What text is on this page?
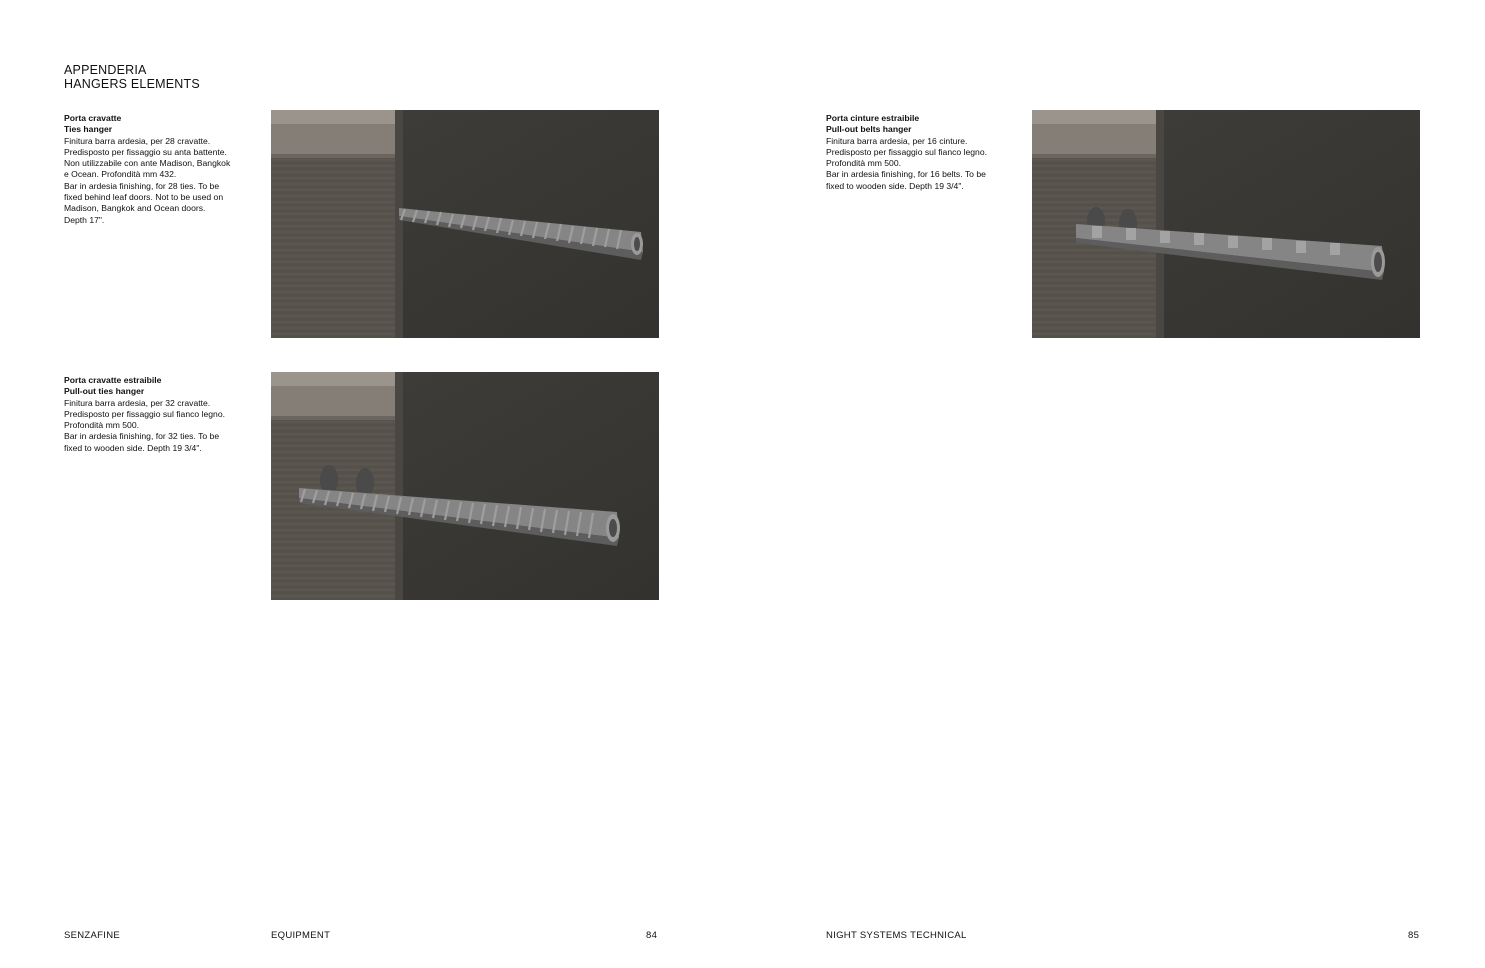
APPENDERIA
HANGERS ELEMENTS
Porta cravatte
Ties hanger
Finitura barra ardesia, per 28 cravatte.
Predisposto per fissaggio su anta battente.
Non utilizzabile con ante Madison, Bangkok
e Ocean. Profondità mm 432.
Bar in ardesia finishing, for 28 ties. To be
fixed behind leaf doors. Not to be used on
Madison, Bangkok and Ocean doors.
Depth 17".
Porta cravatte estraibile
Pull-out ties hanger
Finitura barra ardesia, per 32 cravatte.
Predisposto per fissaggio sul fianco legno.
Profondità mm 500.
Bar in ardesia finishing, for 32 ties. To be
fixed to wooden side. Depth 19 3/4".
Porta cinture estraibile
Pull-out belts hanger
Finitura barra ardesia, per 16 cinture.
Predisposto per fissaggio sul fianco legno.
Profondità mm 500.
Bar in ardesia finishing, for 16 belts. To be
fixed to wooden side. Depth 19 3/4".
SENZAFINE	EQUIPMENT	84	NIGHT SYSTEMS TECHNICAL	85
